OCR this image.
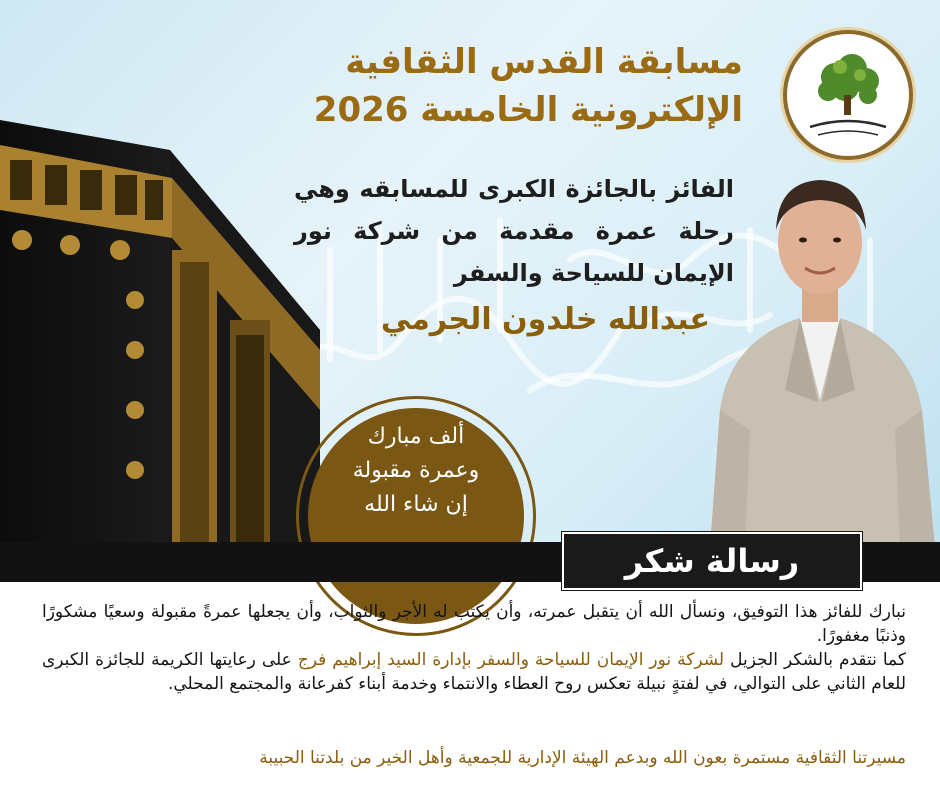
مسابقة القدس الثقافية
الإلكترونية الخامسة 2026
الفائز بالجائزة الكبرى للمسابقه وهي رحلة عمرة مقدمة من شركة نور الإيمان للسياحة والسفر
عبدالله خلدون الجرمي
ألف مبارك
وعمرة مقبولة
إن شاء الله
رسالة شكر

نبارك للفائز هذا التوفيق، ونسأل الله أن يتقبل عمرته، وأن يكتب له الأجر والثواب، وأن يجعلها عمرةً مقبولة وسعيًا مشكورًا وذنبًا مغفورًا.

كما نتقدم بالشكر الجزيل لشركة نور الإيمان للسياحة والسفر بإدارة السيد إبراهيم فرج على رعايتها الكريمة للجائزة الكبرى للعام الثاني على التوالي، في لفتةٍ نبيلة تعكس روح العطاء والانتماء وخدمة أبناء كفرعانة والمجتمع المحلي.

مسيرتنا الثقافية مستمرة بعون الله وبدعم الهيئة الإدارية للجمعية وأهل الخير من بلدتنا الحبيبة
